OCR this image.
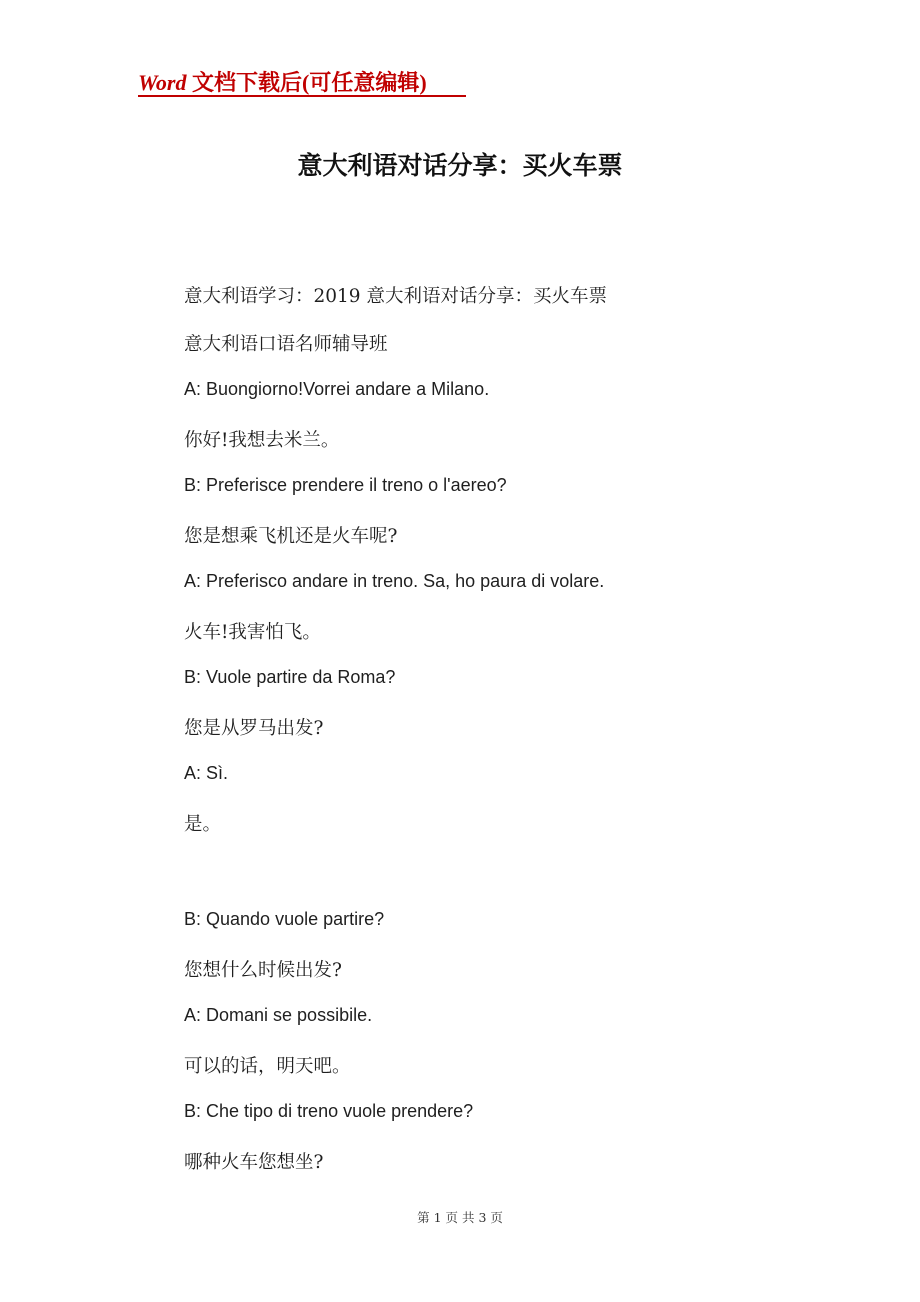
Word 文档下载后(可任意编辑)
意大利语对话分享：买火车票
意大利语学习：2019 意大利语对话分享：买火车票
意大利语口语名师辅导班
A: Buongiorno!Vorrei andare a Milano.
你好!我想去米兰。
B: Preferisce prendere il treno o l'aereo?
您是想乘飞机还是火车呢?
A: Preferisco andare in treno. Sa, ho paura di volare.
火车!我害怕飞。
B: Vuole partire da Roma?
您是从罗马出发?
A: Sì.
是。
B: Quando vuole partire?
您想什么时候出发?
A: Domani se possibile.
可以的话，明天吧。
B: Che tipo di treno vuole prendere?
哪种火车您想坐?
第 1 页 共 3 页
